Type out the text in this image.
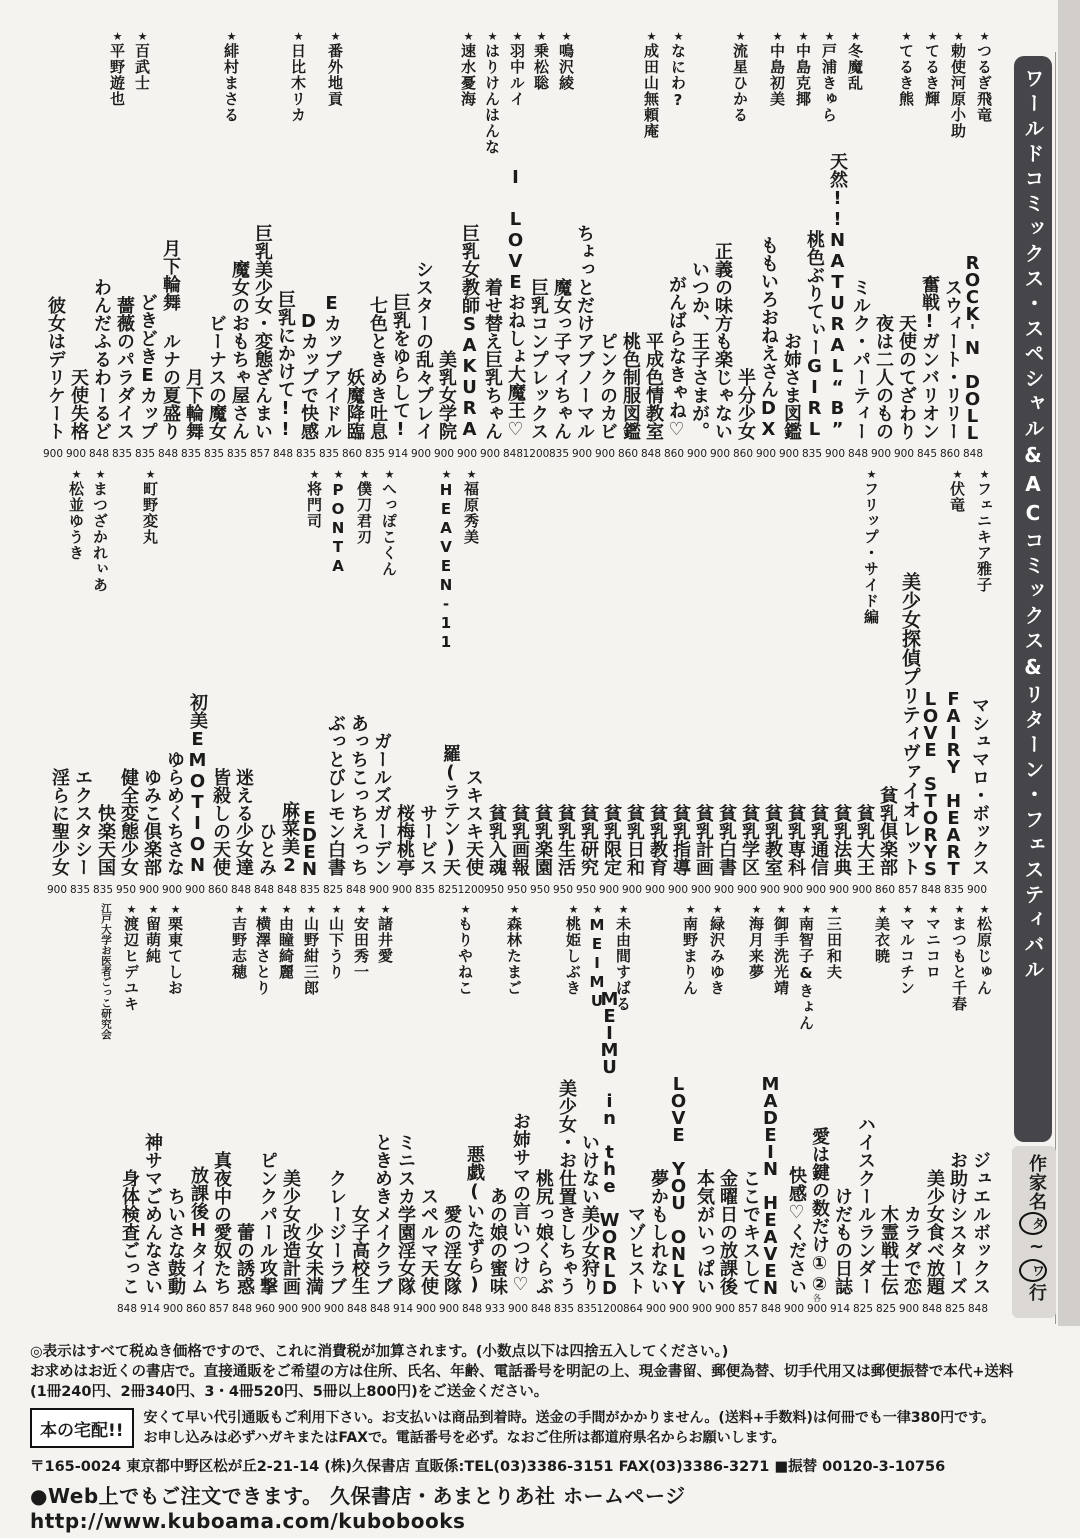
ワールドコミックス・スペシャル&ACコミックス&リターン・フェスティバル
作家名タ~ワ行
★つるぎ飛竜
★勅使河原小助
★てるき輝
★てるき熊
★冬魔乱
★戸浦きゅら
★中島克揶
★中島初美
★流星ひかる
★なにわ?
★成田山無頼庵
★鳴沢綾
★乗松聡
★羽中ルイ
★はりけんはんな
★速水憂海
★番外地貢
★日比木リカ
★緋村まさる
★百武士
★平野遊也
ROCK'N DOLL
848
スウィート・リリー
860
奮戦!ガンバリオン
845
天使のてざわり
900
夜は二人のもの
900
ミルク・パーティー
848
天然!!NATURAL“B”
900
桃色ぶりてぃーGIRL
835
お姉さま図鑑
900
ももいろおねえさんDX
900
半分少女
860
正義の味方も楽じゃない
900
いつか、王子さまが。
900
がんばらなきゃね♡
860
平成色情教室
848
桃色制服図鑑
860
ピンクのカビ
900
ちょっとだけアブノーマル
900
魔女っ子マイちゃん
835
巨乳コンプレックス
1200
I LOVEおねしょ大魔王♡
848
着せ替え巨乳ちゃん
900
巨乳女教師SAKURA
900
美乳女学院
900
シスターの乱々プレイ
900
巨乳をゆらして!
914
七色ときめき吐息
835
妖魔降臨
860
Eカップアイドル
835
Dカップで快感
835
巨乳にかけて!!
848
巨乳美少女・変態ざんまい
857
魔女のおもちゃ屋さん
835
ビーナスの魔女
835
月下輪舞
835
月下輪舞 ルナの夏盛り
848
どきどきEカップ
835
薔薇のパラダイス
835
わんだふるわーるど
848
天使失格
900
彼女はデリケート
900
★フェニキア雅子
★伏竜
★フリップ・サイド編
★福原秀美
★HEAVEN-11
★へっぽこくん
★僕刀君刃
★PONTA
★将門司
★町野変丸
★まつざかれぃあ
★松並ゆうき
マシュマロ・ボックス
900
FAIRY HEART
835
LOVE STORYS
848
美少女探偵プリティヴァイオレット
857
貧乳倶楽部
860
貧乳大王
900
貧乳法典
900
貧乳通信
900
貧乳専科
900
貧乳教室
900
貧乳学区
900
貧乳白書
900
貧乳計画
900
貧乳指導
900
貧乳教育
900
貧乳日和
900
貧乳限定
900
貧乳研究
950
貧乳生活
950
貧乳楽園
950
貧乳画報
950
貧乳入魂
950
スキスキ天使
1200
羅(ラテン)天
825
サービス
835
桜梅桃亭
900
ガールズガーデン
900
あっちこっちえっち
848
ぶっとびレモン白書
825
EDEN
835
麻菜美2
848
ひとみ
848
迷える少女達
848
皆殺しの天使
860
初美EMOTION
900
ゆらめくちさな
900
ゆみこ倶楽部
900
健全変態少女
950
快楽天国
835
エクスタシー
835
淫らに聖少女
900
★松原じゅん
★まつもと千春
★マニコロ
★マルコチン
★美衣暁
★三田和夫
★南智子&きょん
★御手洗光靖
★海月来夢
★緑沢みゆき
★南野まりん
★未由間すばる
★MEIMU
★桃姫しぶき
★森林たまご
★もりやねこ
★諸井愛
★安田秀一
★山下うり
★山野紺三郎
★由瞳綺麗
★横澤さとり
★吉野志穂
★栗東てしお
★留萌純
★渡辺ヒデユキ
江戸大学お医者ごっこ研究会
ジュエルボックス
848
お助けシスターズ
825
美少女食べ放題
848
カラダで恋
900
木霊戦士伝
825
ハイスクールランダー
825
けだもの日誌
914
愛は鍵の数だけ①②
各
900
快感♡ください
900
MADEIN HEAVEN
848
ここでキスして
857
金曜日の放課後
900
本気がいっぱい
900
LOVE YOU ONLY
900
夢かもしれない
900
マゾヒスト
864
MEIMU in the WORLD
1200
いけない美少女狩り
835
美少女・お仕置きしちゃう
835
桃尻っ娘くらぶ
848
お姉サマの言いつけ♡
900
あの娘の蜜味
933
悪戯(いたずら)
848
愛の淫女隊
900
スペルマ天使
900
ミニスカ学園淫女隊
914
ときめきメイクラブ
848
女子高校生
848
クレージーラブ
900
少女未満
900
美少女改造計画
900
ピンクパール攻撃
960
蕾の誘惑
848
真夜中の愛奴たち
857
放課後Hタイム
860
ちいさな鼓動
900
神サマごめんなさい
914
身体検査ごっこ
848
◎表示はすべて税ぬき価格ですので、これに消費税が加算されます。(小数点以下は四捨五入してください。)
お求めはお近くの書店で。直接通販をご希望の方は住所、氏名、年齢、電話番号を明記の上、現金書留、郵便為替、切手代用又は郵便振替で本代+送料
(1冊240円、2冊340円、3・4冊520円、5冊以上800円)をご送金ください。
本の宅配!!
安くて早い代引通販もご利用下さい。お支払いは商品到着時。送金の手間がかかりません。(送料+手数料)は何冊でも一律380円です。
お申し込みは必ずハガキまたはFAXで。電話番号を必ず。なおご住所は都道府県名からお願いします。
〒165-0024 東京都中野区松が丘2-21-14 (株)久保書店 直販係:TEL(03)3386-3151 FAX(03)3386-3271 ■振替 00120-3-10756
●Web上でもご注文できます。 久保書店・あまとりあ社 ホームページhttp://www.kuboama.com/kubobooks
